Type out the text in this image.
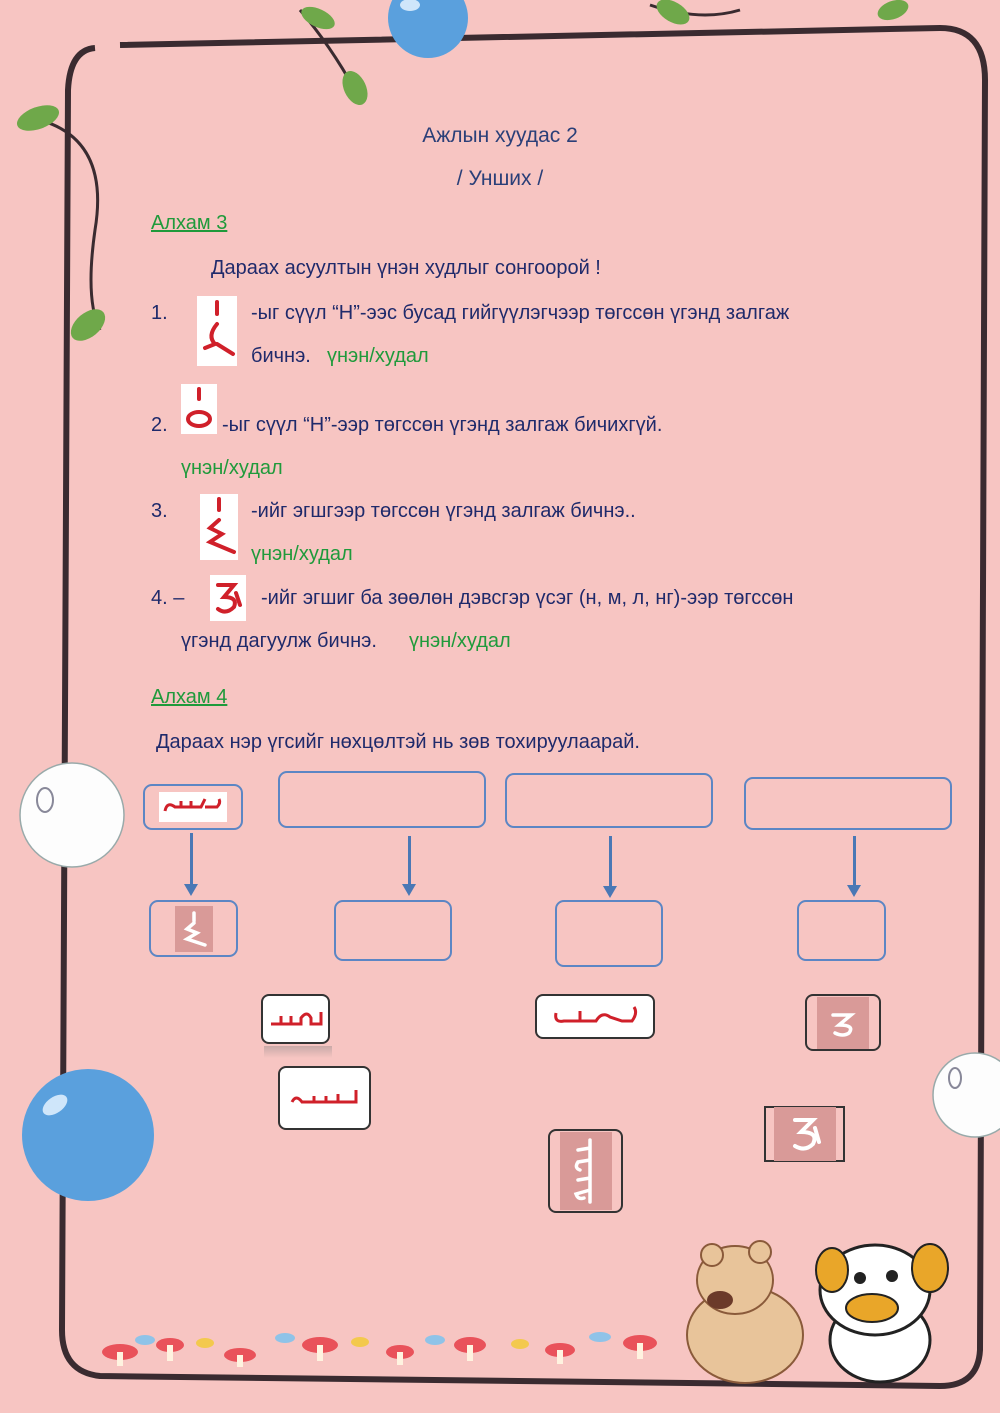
Ажлын хуудас 2
/ Унших /
Алхам 3
Дараах асуултын үнэн худлыг сонгоорой !
1.	-ыг сүүл “Н”-ээс бусад гийгүүлэгчээр төгссөн үгэнд залгаж
бичнэ. үнэн/худал
2.	-ыг сүүл “Н”-ээр төгссөн үгэнд залгаж бичихгүй.
үнэн/худал
3.	-ийг эгшгээр төгссөн үгэнд залгаж бичнэ..
үнэн/худал
4. –	-ийг эгшиг ба зөөлөн дэвсгэр үсэг (н, м, л, нг)-ээр төгссөн
үгэнд дагуулж бичнэ. үнэн/худал
Алхам 4
Дараах нэр үгсийг нөхцөлтэй нь зөв тохируулаарай.
